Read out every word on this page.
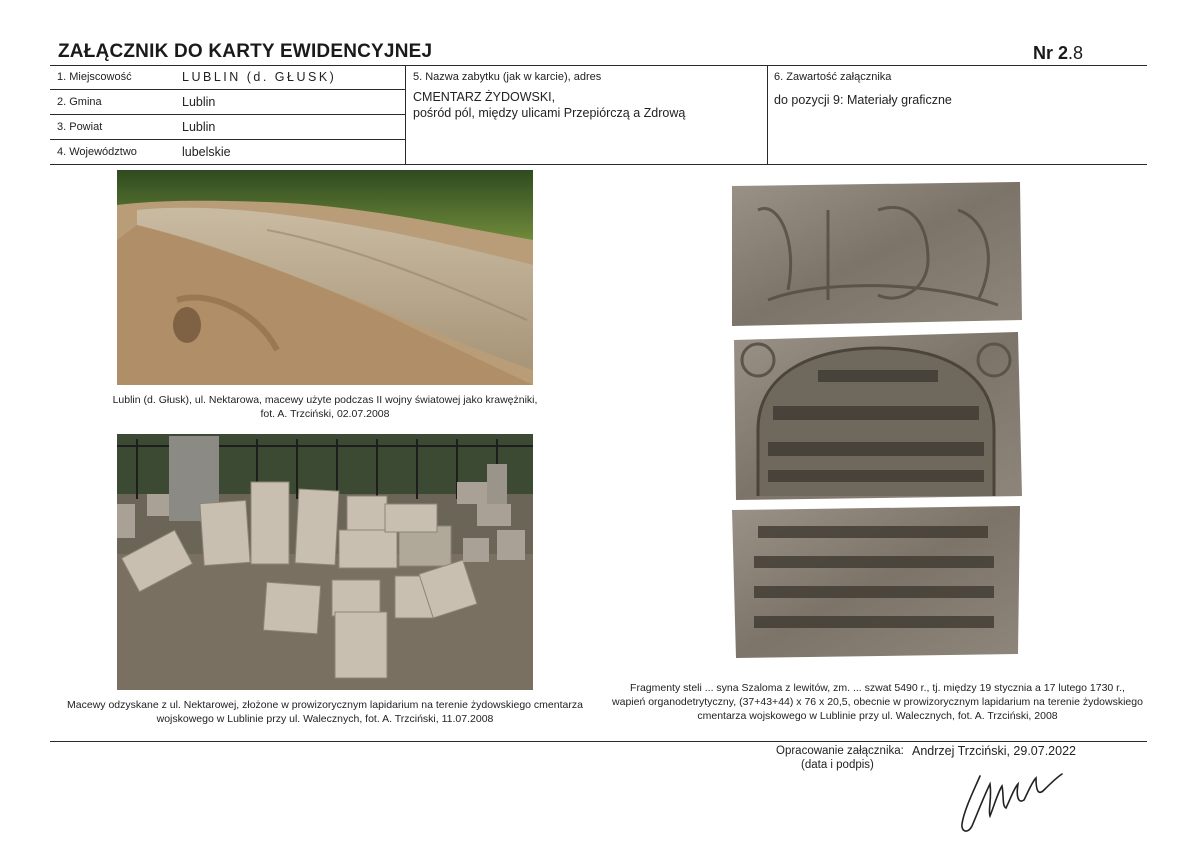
ZAŁĄCZNIK DO KARTY EWIDENCYJNEJ	Nr 2.8
1. Miejscowość	LUBLIN (d. GŁUSK)
2. Gmina	Lublin
3. Powiat	Lublin
4. Województwo	lubelskie
5. Nazwa zabytku (jak w karcie), adres
CMENTARZ ŻYDOWSKI,
pośród pól, między ulicami Przepiórczą a Zdrową
6. Zawartość załącznika
do pozycji 9: Materiały graficzne
Lublin (d. Głusk), ul. Nektarowa, macewy użyte podczas II wojny światowej jako krawężniki,
fot. A. Trzciński, 02.07.2008
Macewy odzyskane z ul. Nektarowej, złożone w prowizorycznym lapidarium na terenie żydowskiego cmentarza
wojskowego w Lublinie przy ul. Walecznych, fot. A. Trzciński, 11.07.2008
Fragmenty steli ... syna Szaloma z lewitów, zm. ... szwat 5490 r., tj. między 19 stycznia a 17 lutego 1730 r.,
wapień organodetrytyczny, (37+43+44) x 76 x 20,5, obecnie w prowizorycznym lapidarium na terenie żydowskiego
cmentarza wojskowego w Lublinie przy ul. Walecznych, fot. A. Trzciński, 2008
Opracowanie załącznika:
(data i podpis)
Andrzej Trzciński, 29.07.2022
